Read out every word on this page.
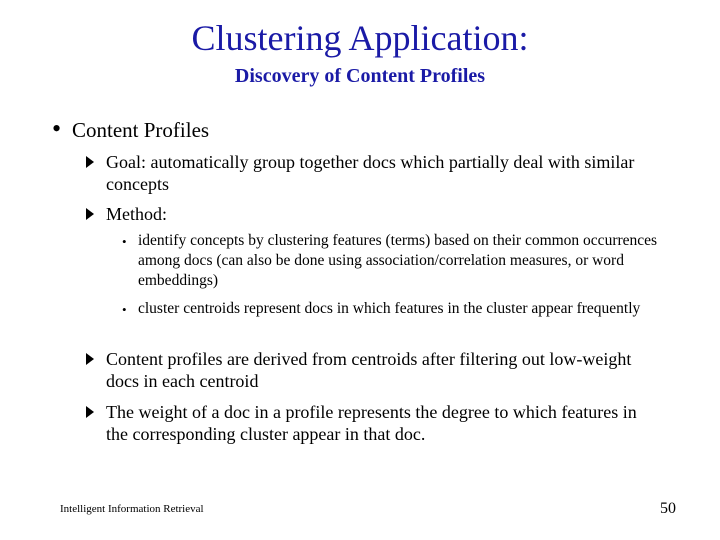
Clustering Application:
Discovery of Content Profiles
• Content Profiles
Goal: automatically group together docs which partially deal with similar concepts
Method:
• identify concepts by clustering features (terms) based on their common occurrences among docs (can also be done using association/correlation measures, or word embeddings)
• cluster centroids represent docs in which features in the cluster appear frequently
Content profiles are derived from centroids after filtering out low-weight docs in each centroid
The weight of a doc in a profile represents the degree to which features in the corresponding cluster appear in that doc.
Intelligent Information Retrieval	50
